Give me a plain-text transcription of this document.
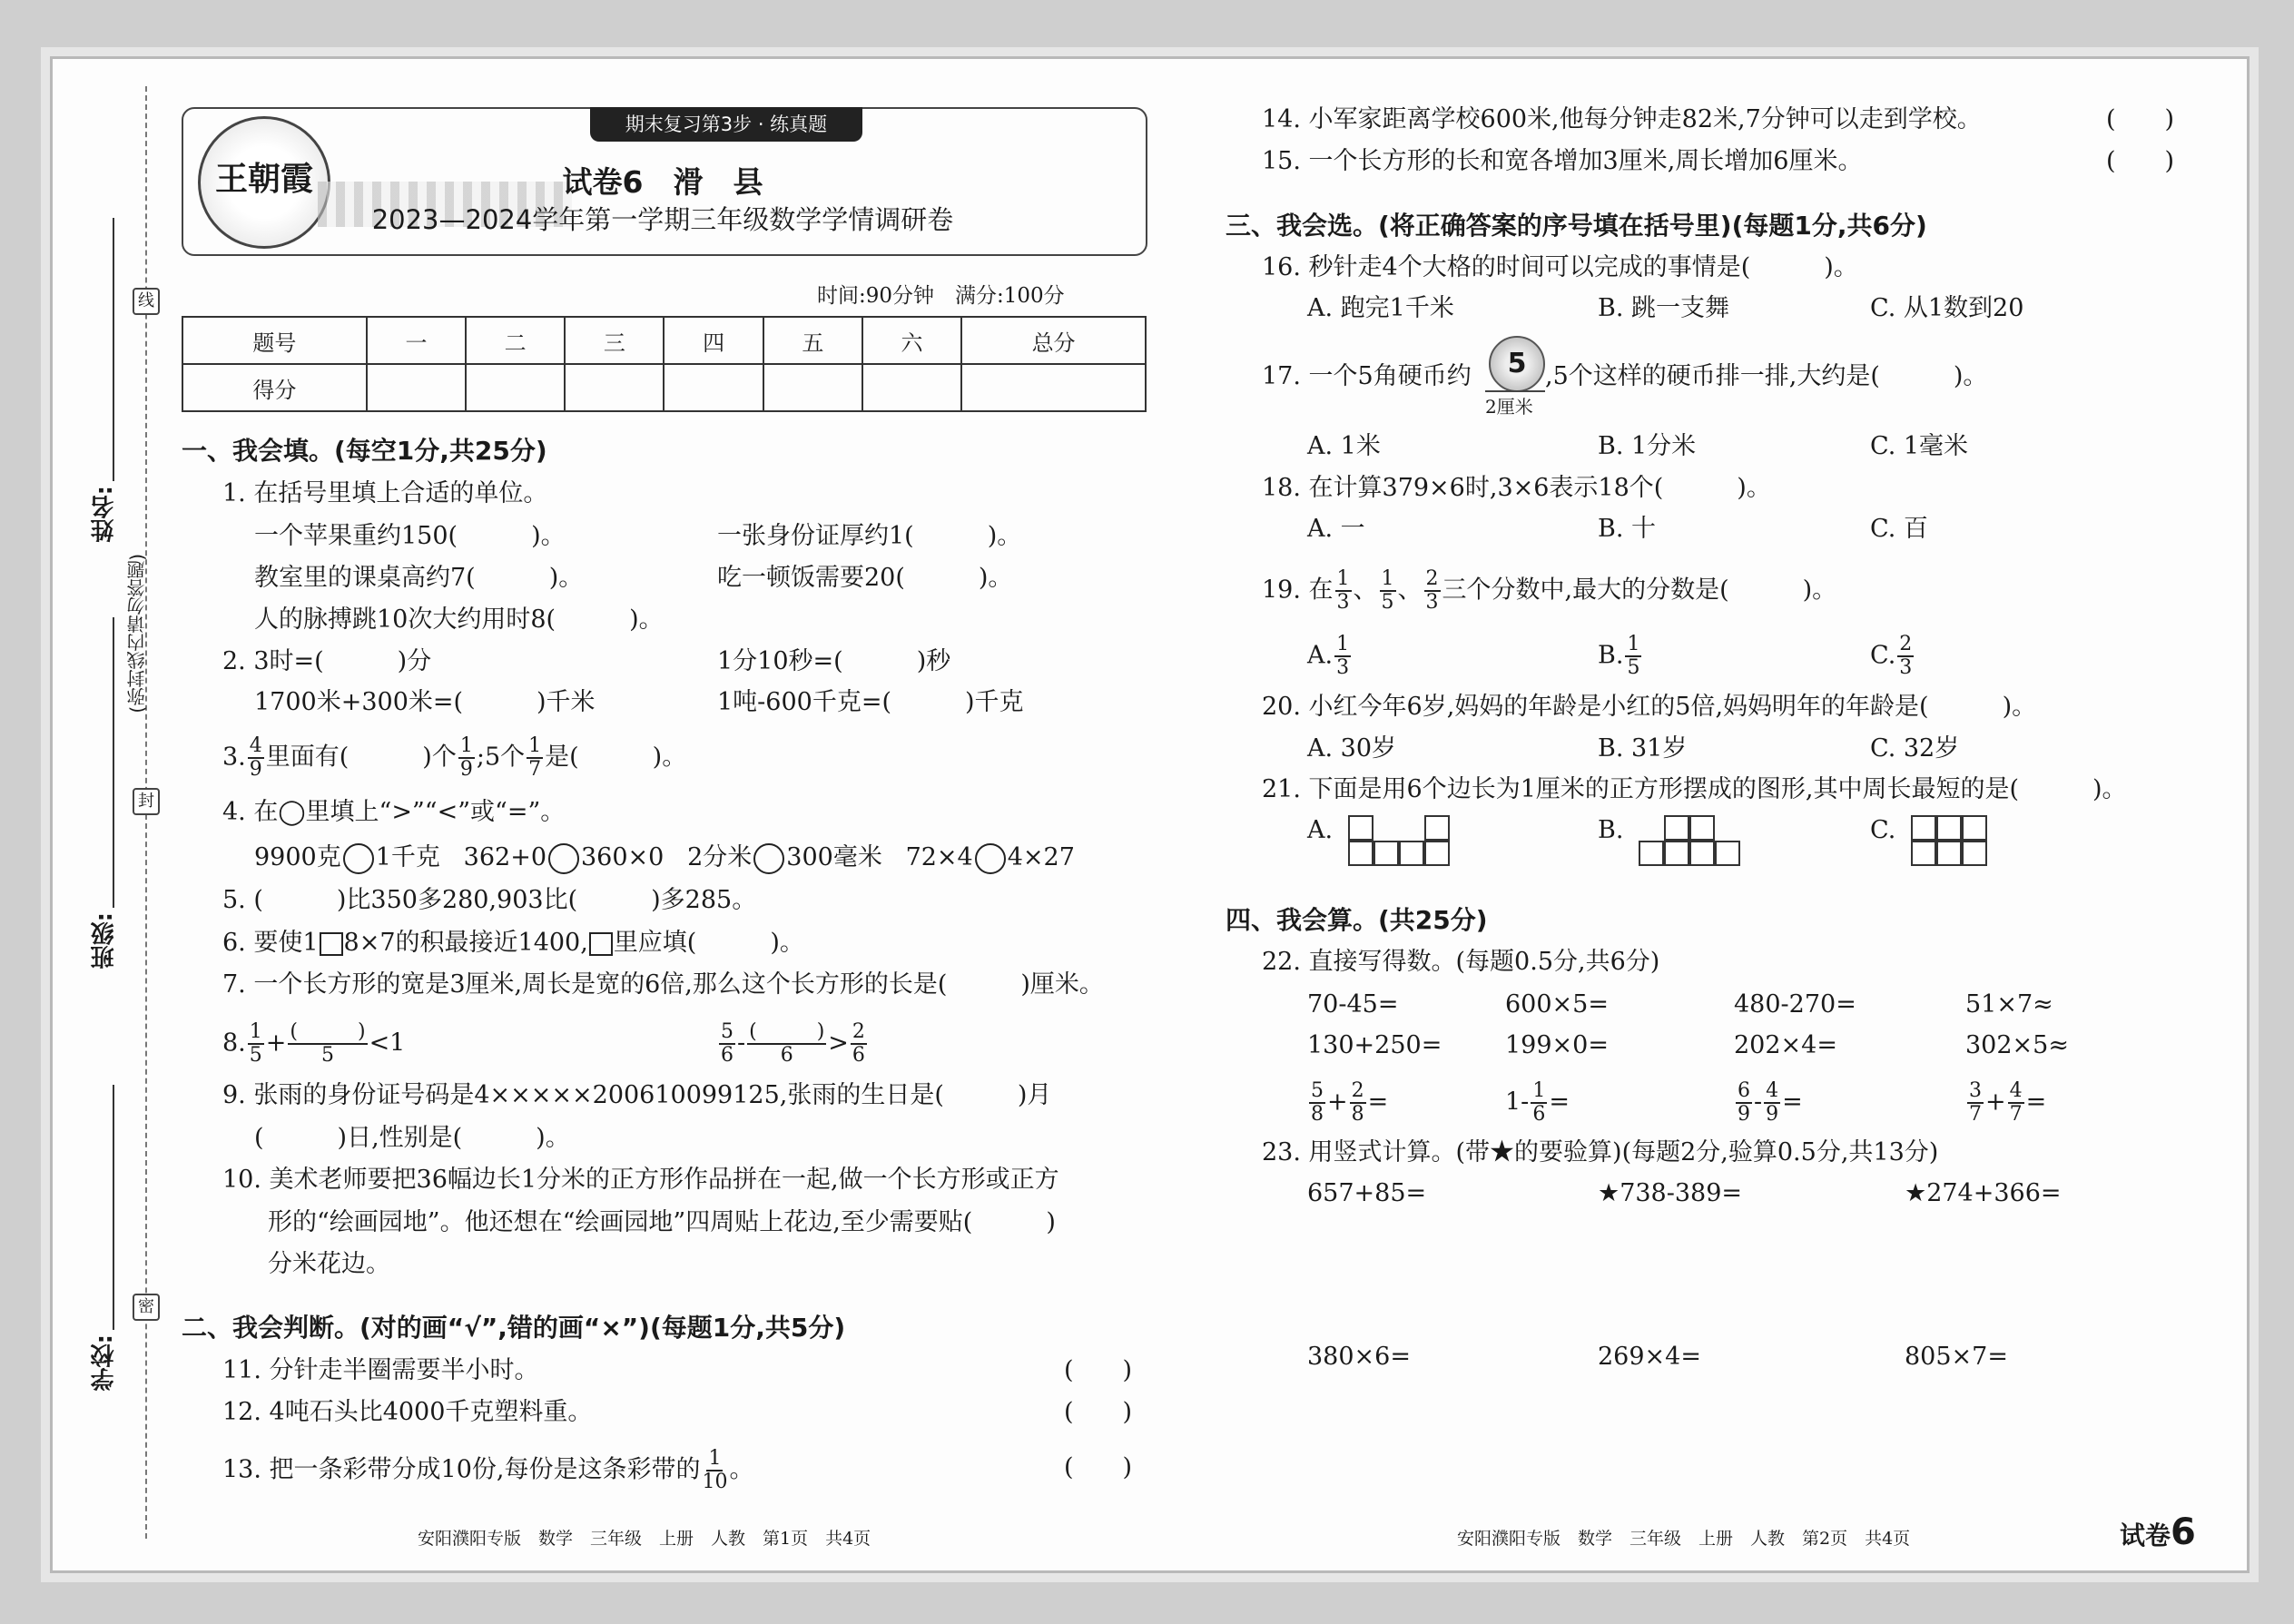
线
封
密
姓名:
班级:
学校:
(弥封线内请勿答题)
期末复习第3步 · 练真题
王朝霞	试卷6　滑　县
2023—2024学年第一学期三年级数学学情调研卷
时间:90分钟　满分:100分
题号	一	二	三	四	五	六	总分
得分							
一、我会填。(每空1分,共25分)
1. 在括号里填上合适的单位。
一个苹果重约150(　　　)。	一张身份证厚约1(　　　)。
教室里的课桌高约7(　　　)。	吃一顿饭需要20(　　　)。
人的脉搏跳10次大约用时8(　　　)。
2. 3时=(　　　)分	1分10秒=(　　　)秒
1700米+300米=(　　　)千米	1吨-600千克=(　　　)千克
3. $\frac{4}{9}$ 里面有(　　　)个 $\frac{1}{9}$ ;5个 $\frac{1}{7}$ 是(　　　)。
4. 在◯里填上“>”“<”或“=”。
9900克 1千克 362+0 360×0 2分米 300毫米 72×4 4×27
5. (　　　)比350多280,903比(　　　)多285。
6. 要使1 8×7的积最接近1400, 里应填(　　　)。
7. 一个长方形的宽是3厘米,周长是宽的6倍,那么这个长方形的长是(　　　)厘米。
8. $\frac{1}{5} + \frac{( )}{5} <1$	$\frac{5}{6} - \frac{( )}{6} > \frac{2}{6}$
9. 张雨的身份证号码是4×××××200610099125,张雨的生日是(　　　)月
(　　　)日,性别是(　　　)。
10. 美术老师要把36幅边长1分米的正方形作品拼在一起,做一个长方形或正方
形的“绘画园地”。他还想在“绘画园地”四周贴上花边,至少需要贴(　　　)
分米花边。
二、我会判断。(对的画“√”,错的画“×”)(每题1分,共5分)
11. 分针走半圈需要半小时。	(　　)
12. 4吨石头比4000千克塑料重。	(　　)
13. 把一条彩带分成10份,每份是这条彩带的 $\frac{1}{10}$ 。	(　　)
安阳濮阳专版　数学　三年级　上册　人教　第1页　共4页
14. 小军家距离学校600米,他每分钟走82米,7分钟可以走到学校。	(　　)
15. 一个长方形的长和宽各增加3厘米,周长增加6厘米。	(　　)
三、我会选。(将正确答案的序号填在括号里)(每题1分,共6分)
16. 秒针走4个大格的时间可以完成的事情是(　　　)。
A. 跑完1千米	B. 跳一支舞	C. 从1数到20
17. 一个5角硬币约	5
2厘米
,5个这样的硬币排一排,大约是(　　　)。
A. 1米	B. 1分米	C. 1毫米
18. 在计算379×6时,3×6表示18个(　　　)。
A. 一	B. 十	C. 百
19. 在 $\frac{1}{3}$ 、 $\frac{1}{5}$ 、 $\frac{2}{3}$ 三个分数中,最大的分数是(　　　)。
A. $\frac{1}{3}$	B. $\frac{1}{5}$	C. $\frac{2}{3}$
20. 小红今年6岁,妈妈的年龄是小红的5倍,妈妈明年的年龄是(　　　)。
A. 30岁	B. 31岁	C. 32岁
21. 下面是用6个边长为1厘米的正方形摆成的图形,其中周长最短的是(　　　)。
A.	B.	C.
四、我会算。(共25分)
22. 直接写得数。(每题0.5分,共6分)
70-45=	600×5=	480-270=	51×7≈
130+250=	199×0=	202×4=	302×5≈
$\frac{5}{8} + \frac{2}{8}$ =	$1- \frac{1}{6}$ =	$\frac{6}{9} - \frac{4}{9}$ =	$\frac{3}{7} + \frac{4}{7}$ =
23. 用竖式计算。(带★的要验算)(每题2分,验算0.5分,共13分)
657+85=	★738-389=	★274+366=
380×6=	269×4=	805×7=
安阳濮阳专版　数学　三年级　上册　人教　第2页　共4页	试卷6
